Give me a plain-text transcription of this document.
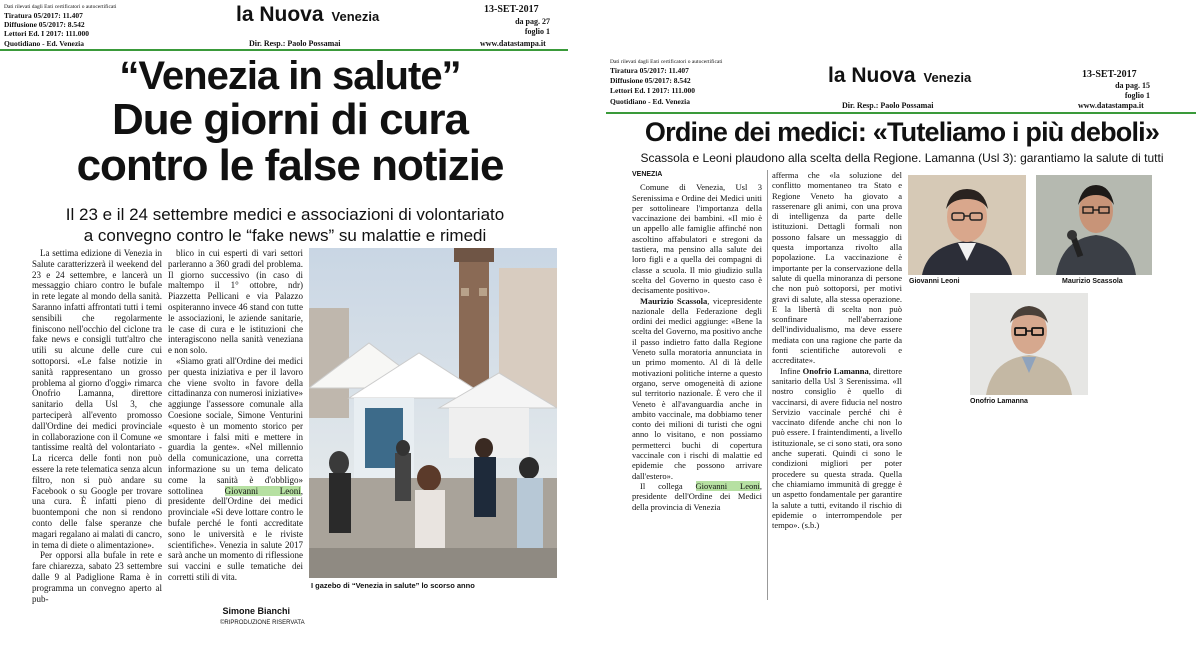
Dati rilevati dagli Enti certificatori o autocertificati
Tiratura 05/2017: 11.407
Diffusione 05/2017: 8.542
Lettori Ed. I 2017: 111.000
Quotidiano - Ed. Venezia
la Nuova Venezia	13-SET-2017
da pag. 27
foglio 1
Dir. Resp.: Paolo Possamai	www.datastampa.it
“Venezia in salute”
Due giorni di cura
contro le false notizie
Il 23 e il 24 settembre medici e associazioni di volontariato
a convegno contro le “fake news” su malattie e rimedi

La settima edizione di Venezia in Salute caratterizzerà il weekend del 23 e 24 settembre, e lancerà un messaggio chiaro contro le bufale in rete legate al mondo della sanità. Saranno infatti affrontati tutti i temi sensibili che regolarmente finiscono nell'occhio del ciclone tra fake news e consigli tutt'altro che utili su alcune delle cure cui sottoporsi. «Le false notizie in sanità rappresentano un grosso problema al giorno d'oggi» rimarca Onofrio Lamanna, direttore sanitario della Usl 3, che parteciperà all'evento promosso dall'Ordine dei medici provinciale in collaborazione con il Comune «e tantissime realtà del volontariato - La ricerca delle fonti non può essere la rete telematica senza alcun filtro, non si può andare su Facebook o su Google per trovare una cura. È infatti pieno di buontemponi che non si rendono conto delle false speranze che magari regalano ai malati di cancro, in tema di diete o alimentazione».

Per opporsi alla bufale in rete e fare chiarezza, sabato 23 settembre dalle 9 al Padiglione Rama è in programma un convegno aperto al pub-

blico in cui esperti di vari settori parleranno a 360 gradi del problema. Il giorno successivo (in caso di maltempo il 1° ottobre, ndr) Piazzetta Pellicani e via Palazzo ospiteranno invece 46 stand con tutte le associazioni, le aziende sanitarie, le case di cura e le istituzioni che interagiscono nella sanità veneziana e non solo.

«Siamo grati all'Ordine dei medici per questa iniziativa e per il lavoro che viene svolto in favore della cittadinanza con numerosi iniziative» aggiunge l'assessore comunale alla Coesione sociale, Simone Venturini «questo è un momento storico per smontare i falsi miti e mettere in guardia la gente». «Nel millennio della comunicazione, una corretta informazione su un tema delicato come la sanità è d'obbligo» sottolinea Giovanni Leoni, presidente dell'Ordine dei medici provinciale «Si deve lottare contro le bufale perché le fonti accreditate sono le università e le riviste scientifiche». Venezia in salute 2017 sarà anche un momento di riflessione sui vaccini e sulle tematiche dei corretti stili di vita.

I gazebo di “Venezia in salute” lo scorso anno
Simone Bianchi
©RIPRODUZIONE RISERVATA
Dati rilevati dagli Enti certificatori o autocertificati
Tiratura 05/2017: 11.407
Diffusione 05/2017: 8.542
Lettori Ed. I 2017: 111.000
Quotidiano - Ed. Venezia
la Nuova Venezia	13-SET-2017
da pag. 15
foglio 1
Dir. Resp.: Paolo Possamai	www.datastampa.it
Ordine dei medici: «Tuteliamo i più deboli»
Scassola e Leoni plaudono alla scelta della Regione. Lamanna (Usl 3): garantiamo la salute di tutti
VENEZIA

Comune di Venezia, Usl 3 Serenissima e Ordine dei Medici uniti per sottolineare l'importanza della vaccinazione dei bambini. «Il mio è un appello alle famiglie affinché non ascoltino affabulatori e stregoni da tastiera, ma pensino alla salute dei loro figli e a quella dei compagni di classe a scuola. Il mio giudizio sulla scelta del Governo in questo caso è decisamente positivo».

Maurizio Scassola, vicepresidente nazionale della Federazione degli ordini dei medici aggiunge: «Bene la scelta del Governo, ma positivo anche il passo indietro fatto dalla Regione Veneto sulla moratoria annunciata in un primo momento. Al di là delle motivazioni politiche interne a questo organo, serve omogeneità di azione sul territorio nazionale. È vero che il Veneto è all'avanguardia anche in ambito vaccinale, ma dobbiamo tener conto dei milioni di turisti che ogni anno lo visitano, e non possiamo permetterci buchi di copertura vaccinale con i rischi di malattie ed epidemie che possono arrivare dall'estero».

Il collega Giovanni Leoni, presidente dell'Ordine dei Medici della provincia di Venezia

afferma che «la soluzione del conflitto momentaneo tra Stato e Regione Veneto ha giovato a rasserenare gli animi, con una prova di intelligenza da parte delle istituzioni. Dettagli formali non possono falsare un messaggio di questa importanza rivolto alla popolazione. La vaccinazione è importante per la conservazione della salute di quella minoranza di persone che non può sottoporsi, per motivi gravi di salute, alla stessa operazione. E la libertà di scelta non può sconfinare nell'aberrazione dell'individualismo, ma deve essere mediata con una ragione che parte da fonti scientifiche autorevoli e accreditate».

Infine Onofrio Lamanna, direttore sanitario della Usl 3 Serenissima. «Il nostro consiglio è quello di vaccinarsi, di avere fiducia nel nostro Servizio vaccinale perché chi è vaccinato difende anche chi non lo può essere. I fraintendimenti, a livello istituzionale, se ci sono stati, ora sono anche superati. Quindi ci sono le condizioni migliori per poter procedere su questa strada. Quella che chiamiamo immunità di gregge è un aspetto fondamentale per garantire la salute a tutti, evitando il rischio di epidemie o interrompendole per tempo». (s.b.)

Giovanni Leoni	Maurizio Scassola
Onofrio Lamanna
